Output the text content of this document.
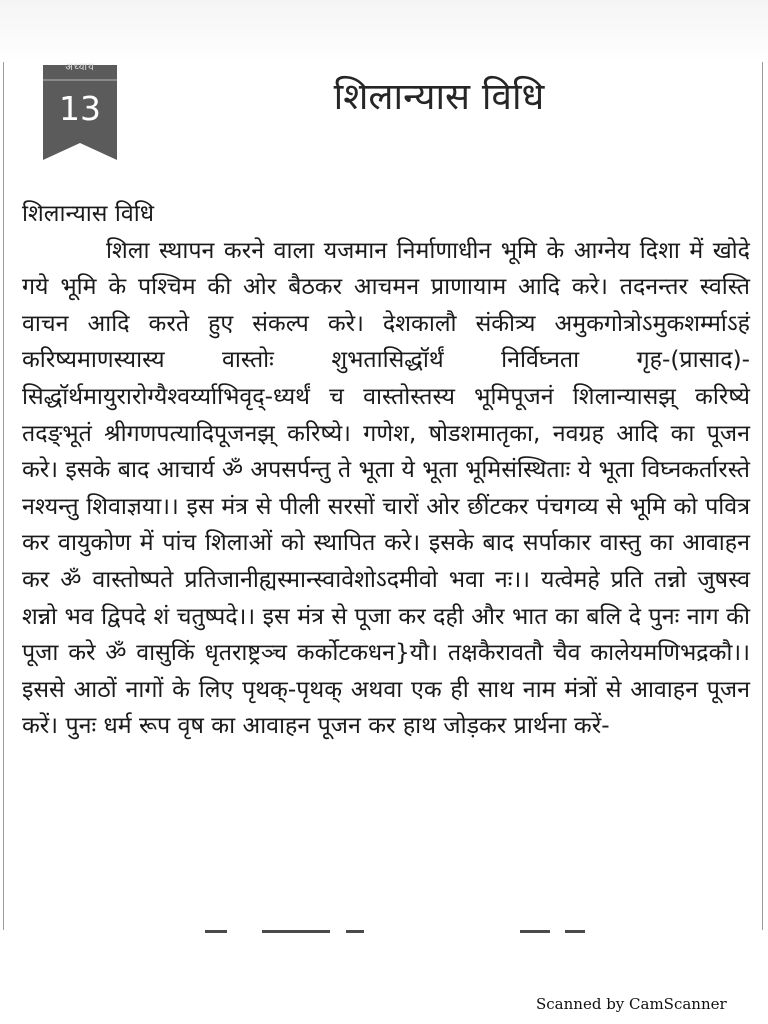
अध्याय
13	शिलान्यास विधि

शिलान्यास विधि

शिला स्थापन करने वाला यजमान निर्माणाधीन भूमि के आग्नेय दिशा में खोदे गये भूमि के पश्चिम की ओर बैठकर आचमन प्राणायाम आदि करे। तदनन्तर स्वस्ति वाचन आदि करते हुए संकल्प करे। देशकालौ संकीत्र्य अमुकगोत्रोऽमुकशर्म्माऽहं करिष्यमाणस्यास्य वास्तोः शुभतासिद्धॉर्थं निर्विघ्नता गृह-(प्रासाद)-सिद्धॉर्थमायुरारोग्यैश्वर्य्याभिवृद्-ध्यर्थं च वास्तोस्तस्य भूमिपूजनं शिलान्यासझ् करिष्ये तदङ्भूतं श्रीगणपत्यादिपूजनझ् करिष्ये। गणेश, षोडशमातृका, नवग्रह आदि का पूजन करे। इसके बाद आचार्य ॐ अपसर्पन्तु ते भूता ये भूता भूमिसंस्थिताः ये भूता विघ्नकर्तारस्ते नश्यन्तु शिवाज्ञया।। इस मंत्र से पीली सरसों चारों ओर छींटकर पंचगव्य से भूमि को पवित्र कर वायुकोण में पांच शिलाओं को स्थापित करे। इसके बाद सर्पाकार वास्तु का आवाहन कर ॐ वास्तोष्पते प्रतिजानीह्यस्मान्स्वावेशोऽदमीवो भवा नः।। यत्वेमहे प्रति तन्नो जुषस्व शन्नो भव द्विपदे शं चतुष्पदे।। इस मंत्र से पूजा कर दही और भात का बलि दे पुनः नाग की पूजा करे ॐ वासुकिं धृतराष्ट्रञ्च कर्कोटकधन}यौ। तक्षकैरावतौ चैव कालेयमणिभद्रकौ।। इससे आठों नागों के लिए पृथक्-पृथक् अथवा एक ही साथ नाम मंत्रों से आवाहन पूजन करें। पुनः धर्म रूप वृष का आवाहन पूजन कर हाथ जोड़कर प्रार्थना करें-

Scanned by CamScanner
